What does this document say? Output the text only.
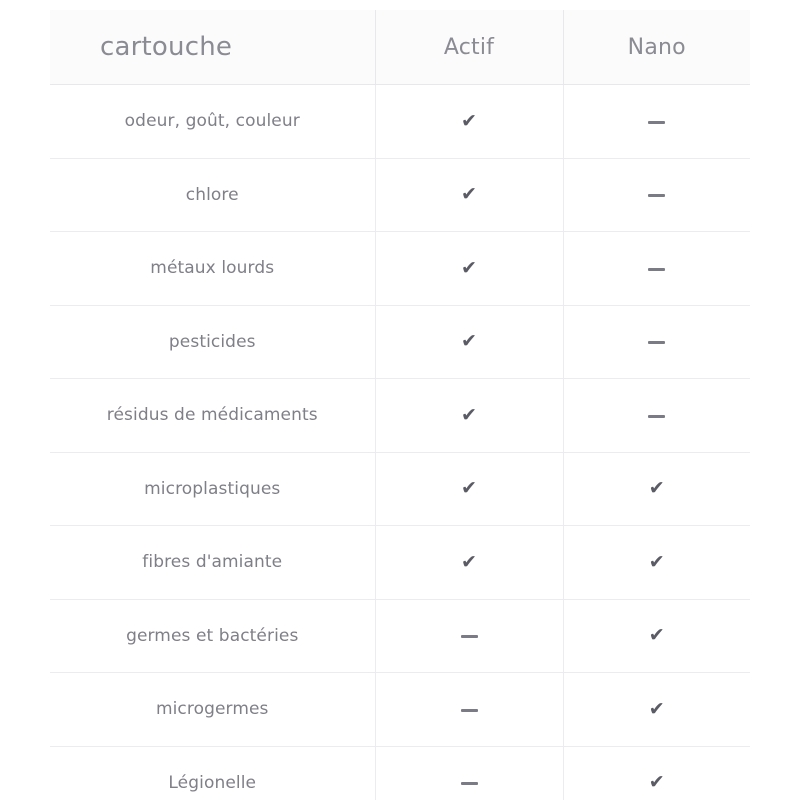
cartouche	Actif	Nano
odeur, goût, couleur	✔	
chlore	✔	
métaux lourds	✔	
pesticides	✔	
résidus de médicaments	✔	
microplastiques	✔	✔
fibres d'amiante	✔	✔
germes et bactéries		✔
microgermes		✔
Légionelle		✔
